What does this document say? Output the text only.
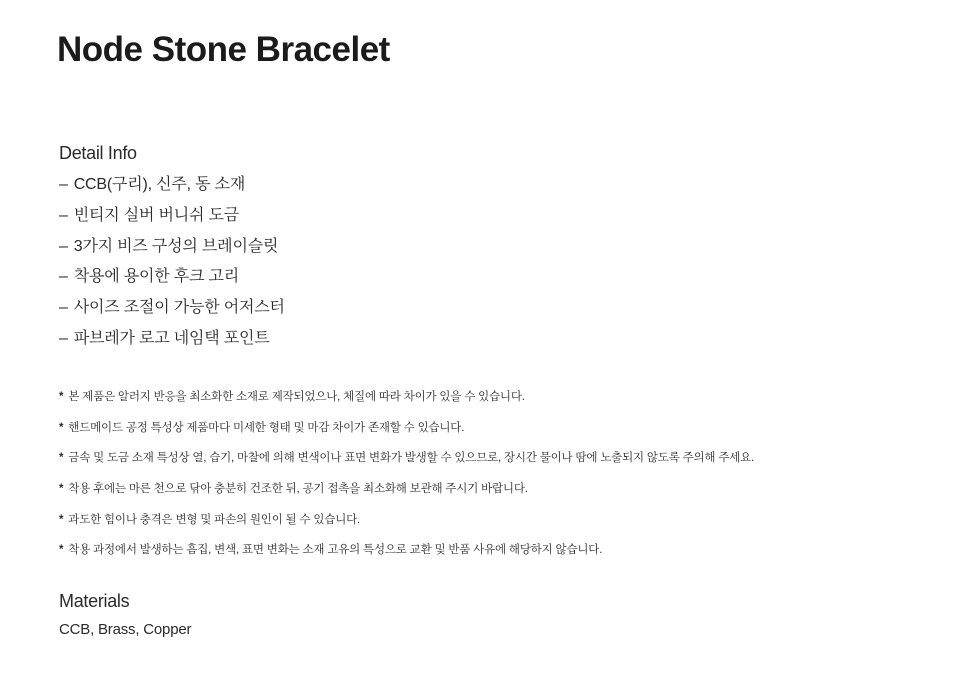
Node Stone Bracelet
Detail Info
– CCB(구리), 신주, 동 소재
– 빈티지 실버 버니쉬 도금
– 3가지 비즈 구성의 브레이슬릿
– 착용에 용이한 후크 고리
– 사이즈 조절이 가능한 어저스터
– 파브레가 로고 네임택 포인트
* 본 제품은 알러지 반응을 최소화한 소재로 제작되었으나, 체질에 따라 차이가 있을 수 있습니다.
* 핸드메이드 공정 특성상 제품마다 미세한 형태 및 마감 차이가 존재할 수 있습니다.
* 금속 및 도금 소재 특성상 열, 습기, 마찰에 의해 변색이나 표면 변화가 발생할 수 있으므로, 장시간 물이나 땀에 노출되지 않도록 주의해 주세요.
* 착용 후에는 마른 천으로 닦아 충분히 건조한 뒤, 공기 접촉을 최소화해 보관해 주시기 바랍니다.
* 과도한 힘이나 충격은 변형 및 파손의 원인이 될 수 있습니다.
* 착용 과정에서 발생하는 흠집, 변색, 표면 변화는 소재 고유의 특성으로 교환 및 반품 사유에 해당하지 않습니다.
Materials
CCB, Brass, Copper
